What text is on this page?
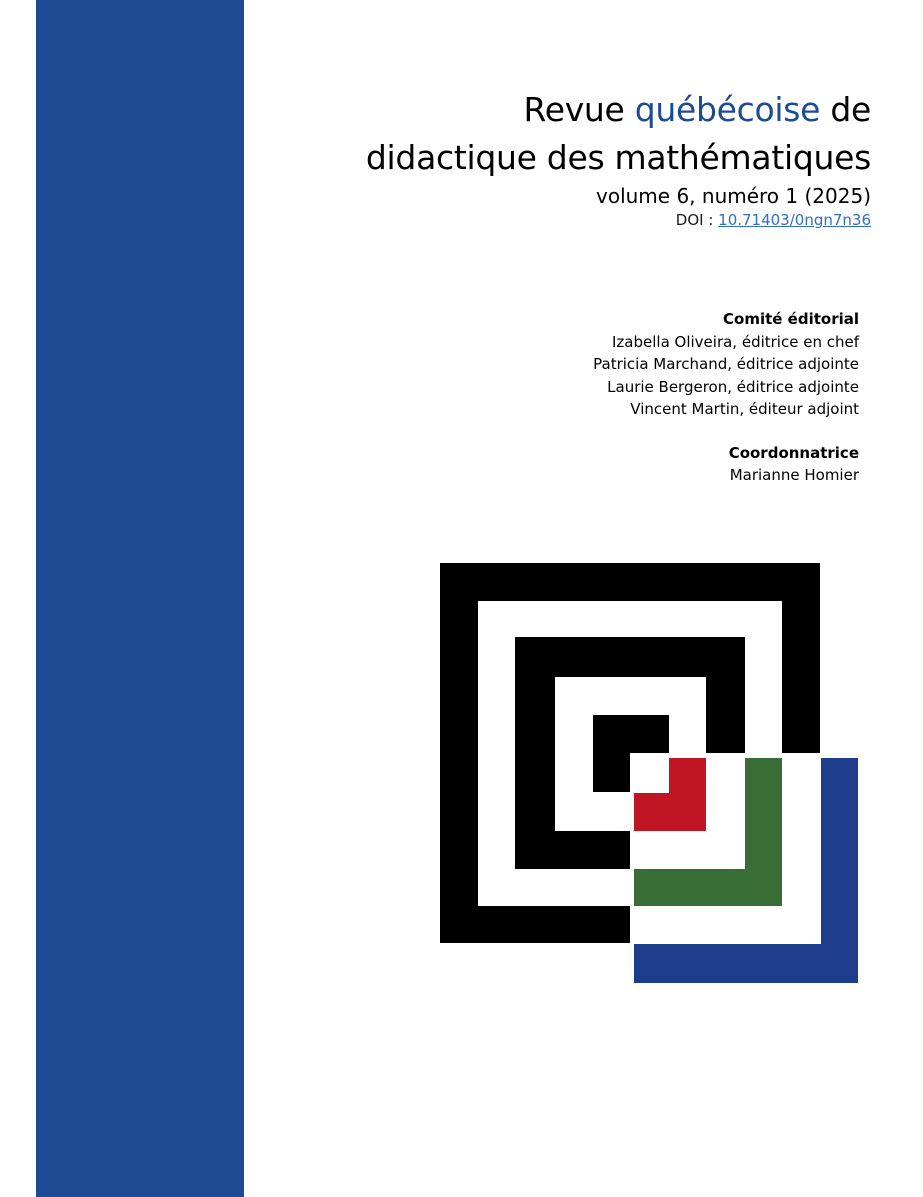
Revue québécoise de
didactique des mathématiques
volume 6, numéro 1 (2025)
DOI : 10.71403/0ngn7n36
Comité éditorial
Izabella Oliveira, éditrice en chef
Patricia Marchand, éditrice adjointe
Laurie Bergeron, éditrice adjointe
Vincent Martin, éditeur adjoint
Coordonnatrice
Marianne Homier
